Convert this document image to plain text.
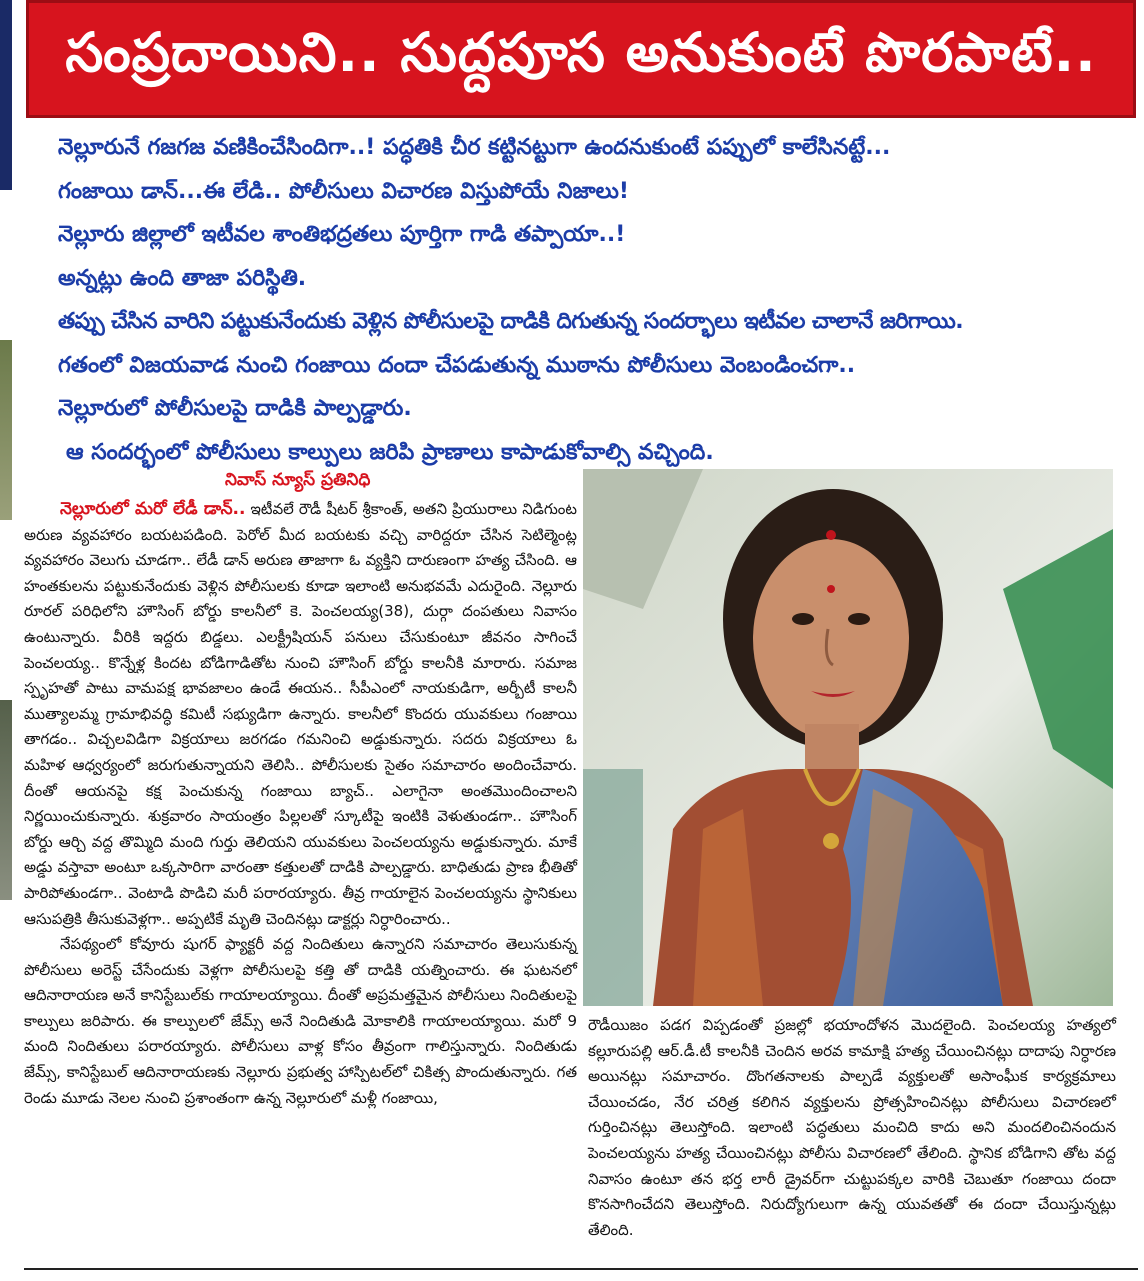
సంప్రదాయిని.. సుద్దపూస అనుకుంటే పొరపాటే..

నెల్లూరునే గజగజ వణికించేసిందిగా..! పద్ధతికి చీర కట్టినట్టుగా ఉందనుకుంటే పప్పులో కాలేసినట్టే...

గంజాయి డాన్...ఈ లేడి.. పోలీసులు విచారణ విస్తుపోయే నిజాలు!

నెల్లూరు జిల్లాలో ఇటీవల శాంతిభద్రతలు పూర్తిగా గాడి తప్పాయా..!

అన్నట్లు ఉంది తాజా పరిస్థితి.

తప్పు చేసిన వారిని పట్టుకునేందుకు వెళ్లిన పోలీసులపై దాడికి దిగుతున్న సందర్భాలు ఇటీవల చాలానే జరిగాయి.

గతంలో విజయవాడ నుంచి గంజాయి దందా చేపడుతున్న ముఠాను పోలీసులు వెంబండించగా..

నెల్లూరులో పోలీసులపై దాడికి పాల్పడ్డారు.

ఆ సందర్భంలో పోలీసులు కాల్పులు జరిపి ప్రాణాలు కాపాడుకోవాల్సి వచ్చింది.

నివాస్ న్యూస్ ప్రతినిధి

నెల్లూరులో మరో లేడీ డాన్.. ఇటీవలే రౌడీ షీటర్ శ్రీకాంత్, అతని ప్రియురాలు నిడిగుంట అరుణ వ్యవహారం బయటపడింది. పెరోల్ మీద బయటకు వచ్చి వారిద్దరూ చేసిన సెటిల్మెంట్ల వ్యవహారం వెలుగు చూడగా.. లేడీ డాన్ అరుణ తాజాగా ఓ వ్యక్తిని దారుణంగా హత్య చేసింది. ఆ హంతకులను పట్టుకునేందుకు వెళ్లిన పోలీసులకు కూడా ఇలాంటి అనుభవమే ఎదురైంది. నెల్లూరు రూరల్ పరిధిలోని హౌసింగ్ బోర్డు కాలనీలో కె. పెంచలయ్య(38), దుర్గా దంపతులు నివాసం ఉంటున్నారు. వీరికి ఇద్దరు బిడ్డలు. ఎలక్ట్రీషియన్ పనులు చేసుకుంటూ జీవనం సాగించే పెంచలయ్య.. కొన్నేళ్ల కిందట బోడిగాడితోట నుంచి హౌసింగ్ బోర్డు కాలనీకి మారారు. సమాజ స్పృహతో పాటు వామపక్ష భావజాలం ఉండే ఈయన.. సీపీఎంలో నాయకుడిగా, అర్బీటీ కాలనీ ముత్యాలమ్మ గ్రామాభివద్ధి కమిటీ సభ్యుడిగా ఉన్నారు. కాలనీలో కొందరు యువకులు గంజాయి తాగడం.. విచ్చలవిడిగా విక్రయాలు జరగడం గమనించి అడ్డుకున్నారు. సదరు విక్రయాలు ఓ మహిళ ఆధ్వర్యంలో జరుగుతున్నాయని తెలిసి.. పోలీసులకు సైతం సమాచారం అందించేవారు. దీంతో ఆయనపై కక్ష పెంచుకున్న గంజాయి బ్యాచ్.. ఎలాగైనా అంతమొందించాలని నిర్ణయించుకున్నారు. శుక్రవారం సాయంత్రం పిల్లలతో స్కూటీపై ఇంటికి వెళుతుండగా.. హౌసింగ్ బోర్డు ఆర్చి వద్ద తొమ్మిది మంది గుర్తు తెలియని యువకులు పెంచలయ్యను అడ్డుకున్నారు. మాకే అడ్డు వస్తావా అంటూ ఒక్కసారిగా వారంతా కత్తులతో దాడికి పాల్పడ్డారు. బాధితుడు ప్రాణ భీతితో పారిపోతుండగా.. వెంటాడి పొడిచి మరీ పరారయ్యారు. తీవ్ర గాయాలైన పెంచలయ్యను స్థానికులు ఆసుపత్రికి తీసుకువెళ్లగా.. అప్పటికే మృతి చెందినట్లు డాక్టర్లు నిర్ధారించారు..

నేపథ్యంలో కోవూరు షుగర్ ఫ్యాక్టరీ వద్ద నిందితులు ఉన్నారని సమాచారం తెలుసుకున్న పోలీసులు అరెస్ట్ చేసేందుకు వెళ్లగా పోలీసులపై కత్తి తో దాడికి యత్నించారు. ఈ ఘటనలో ఆదినారాయణ అనే కానిస్టేబుల్‌కు గాయాలయ్యాయి. దీంతో అప్రమత్తమైన పోలీసులు నిందితులపై కాల్పులు జరిపారు. ఈ కాల్పులలో జేమ్స్ అనే నిందితుడి మోకాలికి గాయాలయ్యాయి. మరో 9 మంది నిందితులు పరారయ్యారు. పోలీసులు వాళ్ల కోసం తీవ్రంగా గాలిస్తున్నారు. నిందితుడు జేమ్స్, కానిస్టేబుల్ ఆదినారాయణకు నెల్లూరు ప్రభుత్వ హాస్పిటల్‌లో చికిత్స పొందుతున్నారు. గత రెండు మూడు నెలల నుంచి ప్రశాంతంగా ఉన్న నెల్లూరులో మళ్లీ గంజాయి,

రౌడీయిజం పడగ విప్పడంతో ప్రజల్లో భయాందోళన మొదలైంది. పెంచలయ్య హత్యలో కల్లూరుపల్లి ఆర్.డీ.టీ కాలనీకి చెందిన అరవ కామాక్షి హత్య చేయించినట్లు దాదాపు నిర్ధారణ అయినట్లు సమాచారం. దొంగతనాలకు పాల్పడే వ్యక్తులతో అసాంఘీక కార్యక్రమాలు చేయించడం, నేర చరిత్ర కలిగిన వ్యక్తులను ప్రోత్సహించినట్లు పోలీసులు విచారణలో గుర్తించినట్లు తెలుస్తోంది. ఇలాంటి పద్ధతులు మంచిది కాదు అని మందలించినందున పెంచలయ్యను హత్య చేయించినట్లు పోలీసు విచారణలో తేలింది. స్థానిక బోడిగాని తోట వద్ద నివాసం ఉంటూ తన భర్త లారీ డ్రైవర్‌గా చుట్టుపక్కల వారికి చెబుతూ గంజాయి దందా కొనసాగించేదని తెలుస్తోంది. నిరుద్యోగులుగా ఉన్న యువతతో ఈ దందా చేయిస్తున్నట్లు తేలింది.
